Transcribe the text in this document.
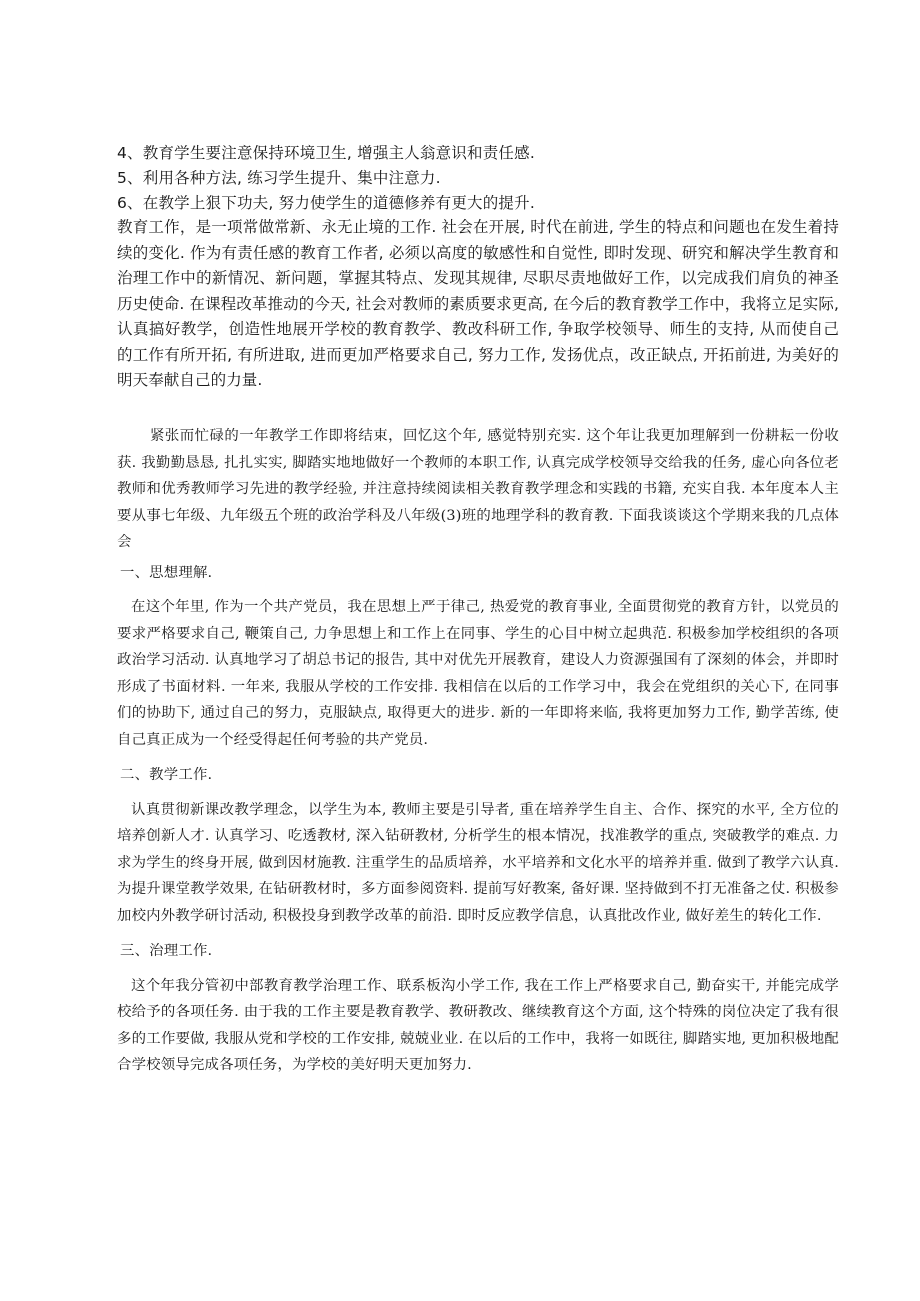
4、教育学生要注意保持环境卫生, 增强主人翁意识和责任感.
5、利用各种方法, 练习学生提升、集中注意力.
6、在教学上狠下功夫, 努力使学生的道德修养有更大的提升.
教育工作，是一项常做常新、永无止境的工作. 社会在开展, 时代在前进, 学生的特点和问题也在发生着持续的变化. 作为有责任感的教育工作者, 必须以高度的敏感性和自觉性, 即时发现、研究和解决学生教育和治理工作中的新情况、新问题，掌握其特点、发现其规律, 尽职尽责地做好工作，以完成我们肩负的神圣历史使命. 在课程改革推动的今天, 社会对教师的素质要求更高, 在今后的教育教学工作中，我将立足实际, 认真搞好教学，创造性地展开学校的教育教学、教改科研工作, 争取学校领导、师生的支持, 从而使自己的工作有所开拓, 有所进取, 进而更加严格要求自己, 努力工作, 发扬优点，改正缺点, 开拓前进, 为美好的明天奉献自己的力量.

紧张而忙碌的一年教学工作即将结束，回忆这个年, 感觉特别充实. 这个年让我更加理解到一份耕耘一份收获. 我勤勤恳恳, 扎扎实实, 脚踏实地地做好一个教师的本职工作, 认真完成学校领导交给我的任务, 虚心向各位老教师和优秀教师学习先进的教学经验, 并注意持续阅读相关教育教学理念和实践的书籍, 充实自我. 本年度本人主要从事七年级、九年级五个班的政治学科及八年级(3)班的地理学科的教育教. 下面我谈谈这个学期来我的几点体会

一、思想理解.

在这个年里, 作为一个共产党员，我在思想上严于律己, 热爱党的教育事业, 全面贯彻党的教育方针，以党员的要求严格要求自己, 鞭策自己, 力争思想上和工作上在同事、学生的心目中树立起典范. 积极参加学校组织的各项政治学习活动. 认真地学习了胡总书记的报告, 其中对优先开展教育，建设人力资源强国有了深刻的体会，并即时形成了书面材料. 一年来, 我服从学校的工作安排. 我相信在以后的工作学习中，我会在党组织的关心下, 在同事们的协助下, 通过自己的努力，克服缺点, 取得更大的进步. 新的一年即将来临, 我将更加努力工作, 勤学苦练, 使自己真正成为一个经受得起任何考验的共产党员.

二、教学工作.

认真贯彻新课改教学理念，以学生为本, 教师主要是引导者, 重在培养学生自主、合作、探究的水平, 全方位的培养创新人才. 认真学习、吃透教材, 深入钻研教材, 分析学生的根本情况，找准教学的重点, 突破教学的难点. 力求为学生的终身开展, 做到因材施教. 注重学生的品质培养，水平培养和文化水平的培养并重. 做到了教学六认真. 为提升课堂教学效果, 在钻研教材时，多方面参阅资料. 提前写好教案, 备好课. 坚持做到不打无准备之仗. 积极参加校内外教学研讨活动, 积极投身到教学改革的前沿. 即时反应教学信息，认真批改作业, 做好差生的转化工作.

三、治理工作.

这个年我分管初中部教育教学治理工作、联系板沟小学工作, 我在工作上严格要求自己, 勤奋实干, 并能完成学校给予的各项任务. 由于我的工作主要是教育教学、教研教改、继续教育这个方面, 这个特殊的岗位决定了我有很多的工作要做, 我服从党和学校的工作安排, 兢兢业业. 在以后的工作中，我将一如既往, 脚踏实地, 更加积极地配合学校领导完成各项任务，为学校的美好明天更加努力.
